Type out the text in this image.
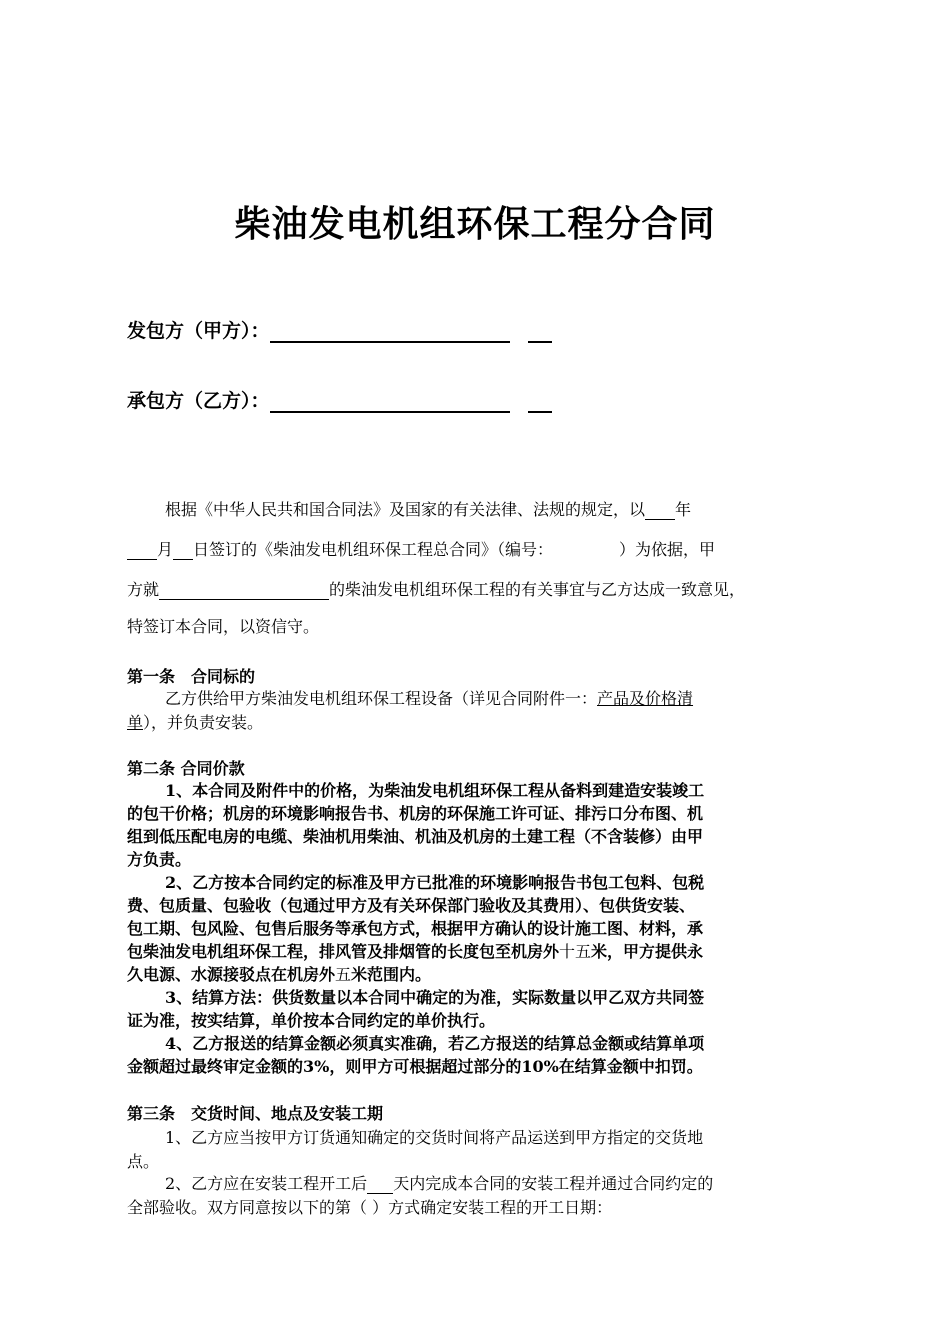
柴油发电机组环保工程分合同
发包方（甲方）：
承包方（乙方）：
根据《中华人民共和国合同法》及国家的有关法律、法规的规定，以 年
月 日签订的《柴油发电机组环保工程总合同》（编号：	）为依据，甲
方就	的柴油发电机组环保工程的有关事宜与乙方达成一致意见，
特签订本合同，以资信守。
第一条　合同标的
乙方供给甲方柴油发电机组环保工程设备（详见合同附件一：产品及价格清
单），并负责安装。
第二条 合同价款
1、本合同及附件中的价格，为柴油发电机组环保工程从备料到建造安装竣工
的包干价格；机房的环境影响报告书、机房的环保施工许可证、排污口分布图、机
组到低压配电房的电缆、柴油机用柴油、机油及机房的土建工程（不含装修）由甲
方负责。
2、乙方按本合同约定的标准及甲方已批准的环境影响报告书包工包料、包税
费、包质量、包验收（包通过甲方及有关环保部门验收及其费用）、包供货安装、
包工期、包风险、包售后服务等承包方式，根据甲方确认的设计施工图、材料，承
包柴油发电机组环保工程，排风管及排烟管的长度包至机房外十五米，甲方提供永
久电源、水源接驳点在机房外五米范围内。
3、结算方法：供货数量以本合同中确定的为准，实际数量以甲乙双方共同签
证为准，按实结算，单价按本合同约定的单价执行。
4、乙方报送的结算金额必须真实准确，若乙方报送的结算总金额或结算单项
金额超过最终审定金额的3%，则甲方可根据超过部分的10%在结算金额中扣罚。
第三条　交货时间、地点及安装工期
1、乙方应当按甲方订货通知确定的交货时间将产品运送到甲方指定的交货地
点。
2、乙方应在安装工程开工后 天内完成本合同的安装工程并通过合同约定的
全部验收。双方同意按以下的第（ ）方式确定安装工程的开工日期：
